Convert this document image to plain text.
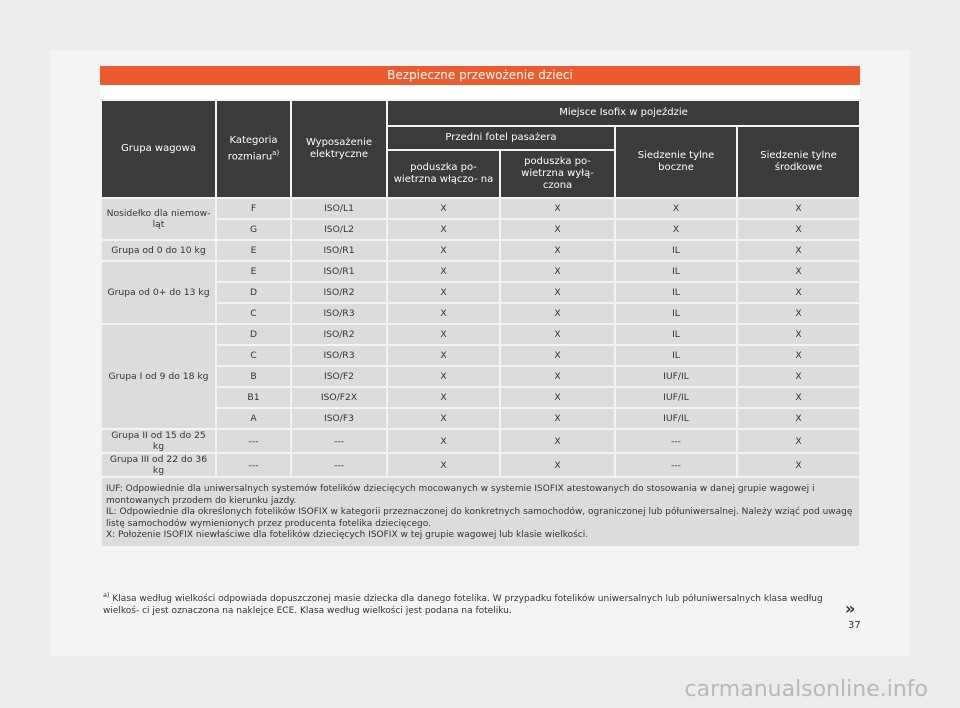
Bezpieczne przewożenie dzieci
Grupa wagowa	Kategoria rozmiaru$^{a)}$	Wyposażenie elektryczne	Miejsce Isofix w pojeździe			
			Przedni fotel pasażera		Siedzenie tylne boczne	Siedzenie tylne środkowe
			poduszka po- wietrzna włączo- na	poduszka po- wietrzna wyłą- czona		
Nosidełko dla niemow- ląt	F	ISO/L1	X	X	X	X
	G	ISO/L2	X	X	X	X
Grupa od 0 do 10 kg	E	ISO/R1	X	X	IL	X
Grupa od 0+ do 13 kg	E	ISO/R1	X	X	IL	X
	D	ISO/R2	X	X	IL	X
	C	ISO/R3	X	X	IL	X
Grupa I od 9 do 18 kg	D	ISO/R2	X	X	IL	X
	C	ISO/R3	X	X	IL	X
	B	ISO/F2	X	X	IUF/IL	X
	B1	ISO/F2X	X	X	IUF/IL	X
	A	ISO/F3	X	X	IUF/IL	X
Grupa II od 15 do 25 kg	---	---	X	X	---	X
Grupa III od 22 do 36 kg	---	---	X	X	---	X

IUF: Odpowiednie dla uniwersalnych systemów fotelików dziecięcych mocowanych w systemie ISOFIX atestowanych do stosowania w danej grupie wagowej i montowanych przodem do kierunku jazdy.
IL: Odpowiednie dla określonych fotelików ISOFIX w kategorii przeznaczonej do konkretnych samochodów, ograniczonej lub półuniwersalnej. Należy wziąć pod uwagę listę samochodów wymienionych przez producenta fotelika dziecięcego.
X: Położenie ISOFIX niewłaściwe dla fotelików dziecięcych ISOFIX w tej grupie wagowej lub klasie wielkości.						
$^{a)}$ Klasa według wielkości odpowiada dopuszczonej masie dziecka dla danego fotelika. W przypadku fotelików uniwersalnych lub półuniwersalnych klasa według wielkoś- ci jest oznaczona na naklejce ECE. Klasa według wielkości jest podana na foteliku.	»
37
carmanualsonline.info
